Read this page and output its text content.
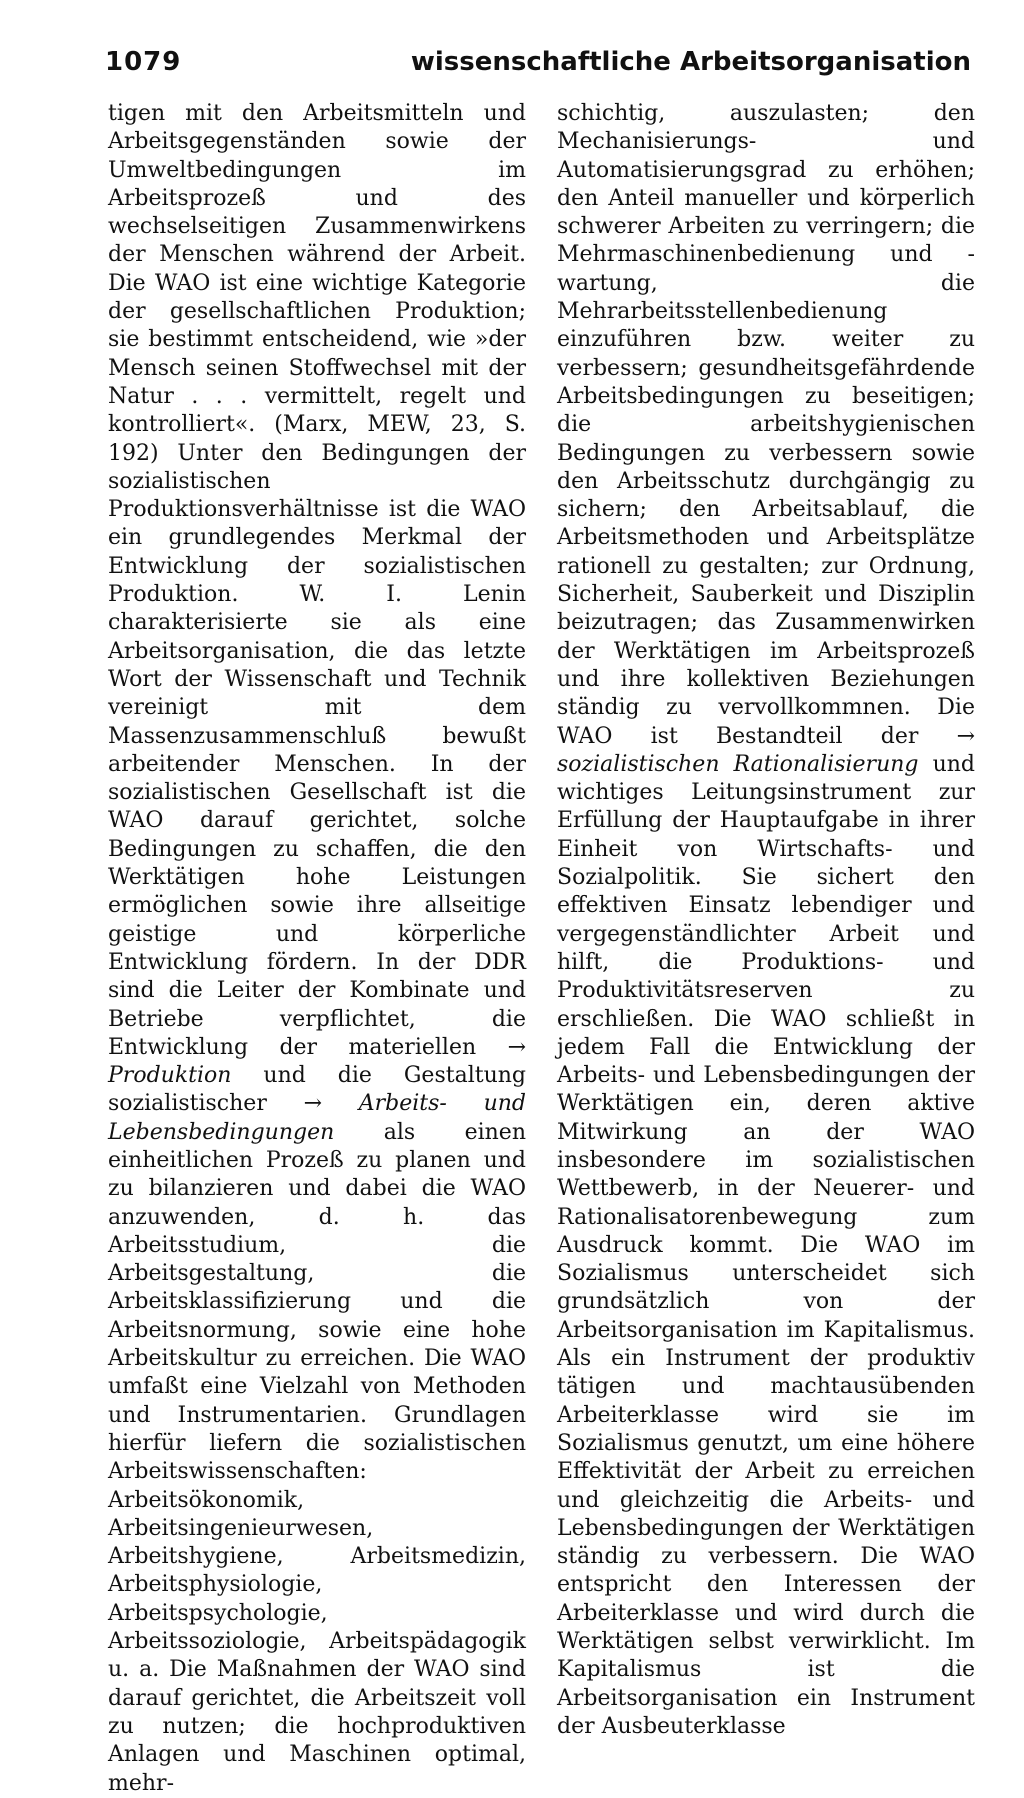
1079	wissenschaftliche Arbeitsorganisation

tigen mit den Arbeitsmitteln und Arbeitsgegenständen sowie der Umweltbedingungen im Arbeitsprozeß und des wechselseitigen Zusammenwirkens der Menschen während der Arbeit. Die WAO ist eine wichtige Kategorie der gesellschaftlichen Produktion; sie bestimmt entscheidend, wie »der Mensch seinen Stoffwechsel mit der Natur . . . vermittelt, regelt und kontrolliert«. (Marx, MEW, 23, S. 192) Unter den Bedingungen der sozialistischen Produktionsverhältnisse ist die WAO ein grundlegendes Merkmal der Entwicklung der sozialistischen Produktion. W. I. Lenin charakterisierte sie als eine Arbeitsorganisation, die das letzte Wort der Wissenschaft und Technik vereinigt mit dem Massenzusammenschluß bewußt arbeitender Menschen. In der sozialistischen Gesellschaft ist die WAO darauf gerichtet, solche Bedingungen zu schaffen, die den Werktätigen hohe Leistungen ermöglichen sowie ihre allseitige geistige und körperliche Entwicklung fördern. In der DDR sind die Leiter der Kombinate und Betriebe verpflichtet, die Entwicklung der materiellen → Produktion und die Gestaltung sozialistischer → Arbeits- und Lebensbedingungen als einen einheitlichen Prozeß zu planen und zu bilanzieren und dabei die WAO anzuwenden, d. h. das Arbeitsstudium, die Arbeitsgestaltung, die Arbeitsklassifizierung und die Arbeitsnormung, sowie eine hohe Arbeitskultur zu erreichen. Die WAO umfaßt eine Vielzahl von Methoden und Instrumentarien. Grundlagen hierfür liefern die sozialistischen Arbeitswissenschaften: Arbeitsökonomik, Arbeitsingenieurwesen, Arbeitshygiene, Arbeitsmedizin, Arbeitsphysiologie, Arbeitspsychologie, Arbeitssoziologie, Arbeitspädagogik u. a. Die Maßnahmen der WAO sind darauf gerichtet, die Arbeitszeit voll zu nutzen; die hochproduktiven Anlagen und Maschinen optimal, mehr-

schichtig, auszulasten; den Mechanisierungs- und Automatisierungsgrad zu erhöhen; den Anteil manueller und körperlich schwerer Arbeiten zu verringern; die Mehrmaschinenbedienung und -wartung, die Mehrarbeitsstellenbedienung einzuführen bzw. weiter zu verbessern; gesundheitsgefährdende Arbeitsbedingungen zu beseitigen; die arbeitshygienischen Bedingungen zu verbessern sowie den Arbeitsschutz durchgängig zu sichern; den Arbeitsablauf, die Arbeitsmethoden und Arbeitsplätze rationell zu gestalten; zur Ordnung, Sicherheit, Sauberkeit und Disziplin beizutragen; das Zusammenwirken der Werktätigen im Arbeitsprozeß und ihre kollektiven Beziehungen ständig zu vervollkommnen. Die WAO ist Bestandteil der → sozialistischen Rationalisierung und wichtiges Leitungsinstrument zur Erfüllung der Hauptaufgabe in ihrer Einheit von Wirtschafts- und Sozialpolitik. Sie sichert den effektiven Einsatz lebendiger und vergegenständlichter Arbeit und hilft, die Produktions- und Produktivitätsreserven zu erschließen. Die WAO schließt in jedem Fall die Entwicklung der Arbeits- und Lebensbedingungen der Werktätigen ein, deren aktive Mitwirkung an der WAO insbesondere im sozialistischen Wettbewerb, in der Neuerer- und Rationalisatorenbewegung zum Ausdruck kommt. Die WAO im Sozialismus unterscheidet sich grundsätzlich von der Arbeitsorganisation im Kapitalismus. Als ein Instrument der produktiv tätigen und machtausübenden Arbeiterklasse wird sie im Sozialismus genutzt, um eine höhere Effektivität der Arbeit zu erreichen und gleichzeitig die Arbeits- und Lebensbedingungen der Werktätigen ständig zu verbessern. Die WAO entspricht den Interessen der Arbeiterklasse und wird durch die Werktätigen selbst verwirklicht. Im Kapitalismus ist die Arbeitsorganisation ein Instrument der Ausbeuterklasse
